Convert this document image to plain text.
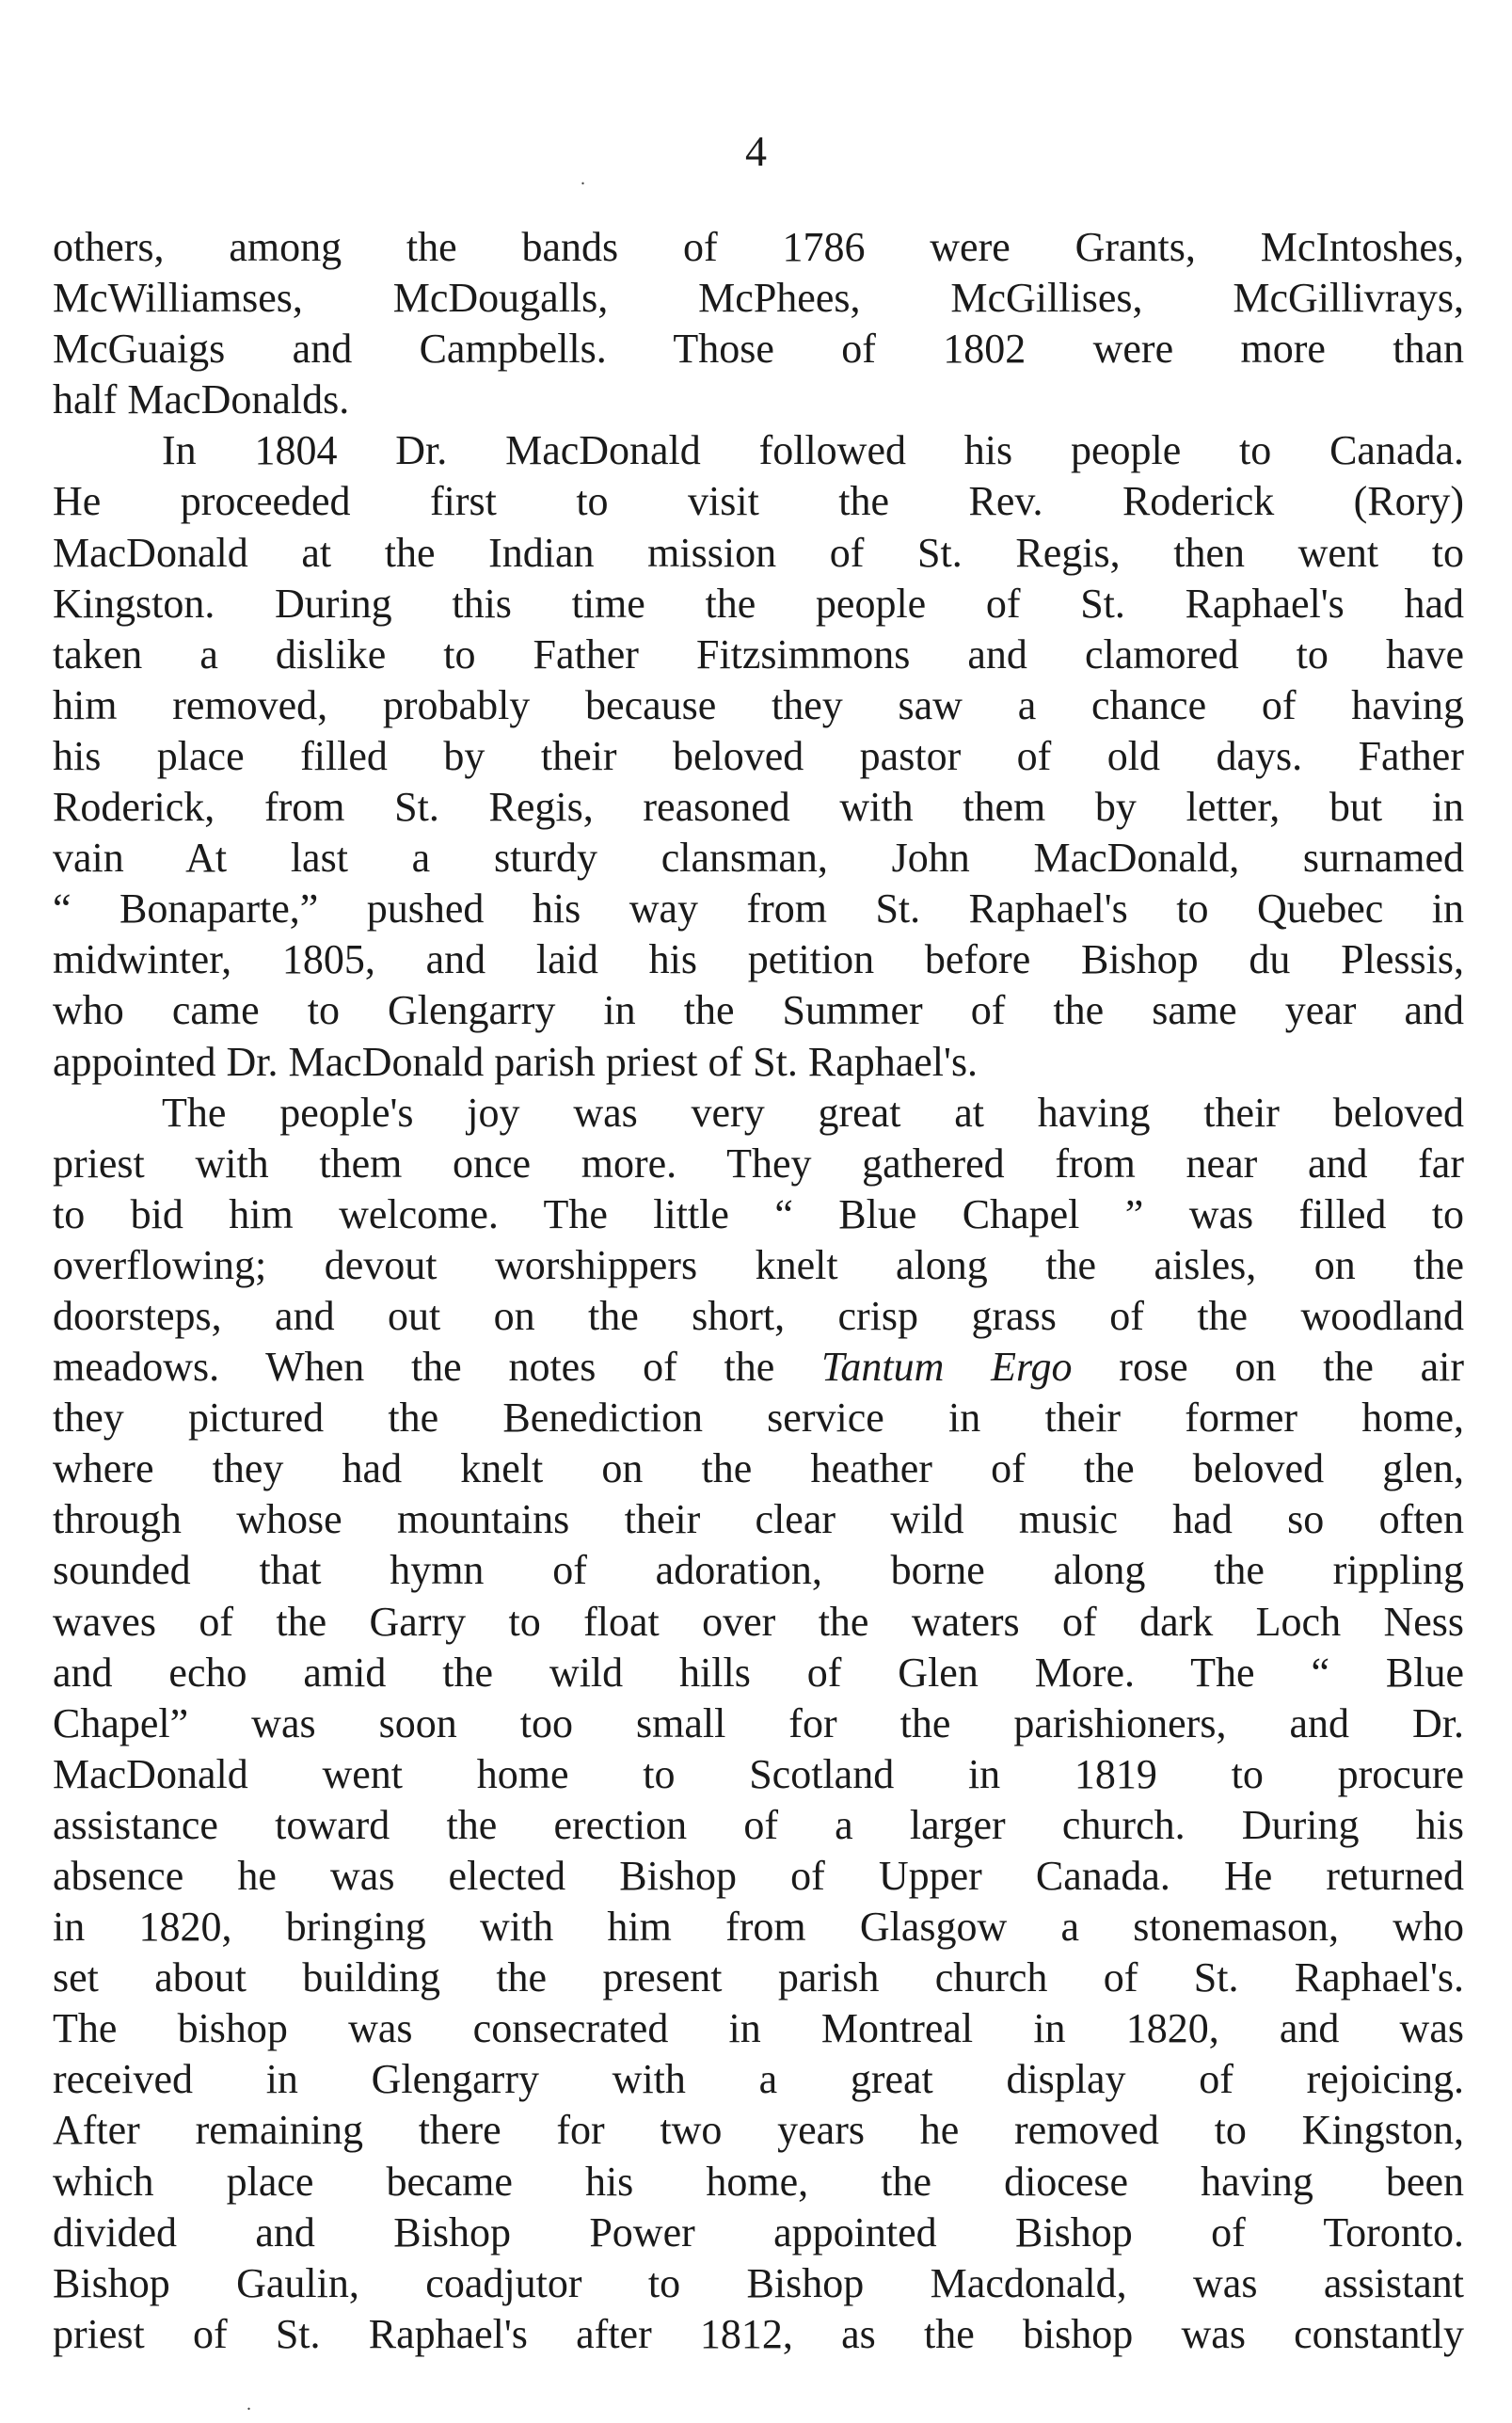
4
.
others, among the bands of 1786 were Grants, McIntoshes,
McWilliamses, McDougalls, McPhees, McGillises, McGillivrays,
McGuaigs and Campbells. Those of 1802 were more than
half MacDonalds.
In 1804 Dr. MacDonald followed his people to Canada.
He proceeded first to visit the Rev. Roderick (Rory)
MacDonald at the Indian mission of St. Regis, then went to
Kingston. During this time the people of St. Raphael's had
taken a dislike to Father Fitzsimmons and clamored to have
him removed, probably because they saw a chance of having
his place filled by their beloved pastor of old days. Father
Roderick, from St. Regis, reasoned with them by letter, but in
vain At last a sturdy clansman, John MacDonald, surnamed
“ Bonaparte,” pushed his way from St. Raphael's to Quebec in
midwinter, 1805, and laid his petition before Bishop du Plessis,
who came to Glengarry in the Summer of the same year and
appointed Dr. MacDonald parish priest of St. Raphael's.
The people's joy was very great at having their beloved
priest with them once more. They gathered from near and far
to bid him welcome. The little “ Blue Chapel ” was filled to
overflowing; devout worshippers knelt along the aisles, on the
doorsteps, and out on the short, crisp grass of the woodland
meadows. When the notes of the Tantum Ergo rose on the air
they pictured the Benediction service in their former home,
where they had knelt on the heather of the beloved glen,
through whose mountains their clear wild music had so often
sounded that hymn of adoration, borne along the rippling
waves of the Garry to float over the waters of dark Loch Ness
and echo amid the wild hills of Glen More. The “ Blue
Chapel” was soon too small for the parishioners, and Dr.
MacDonald went home to Scotland in 1819 to procure
assistance toward the erection of a larger church. During his
absence he was elected Bishop of Upper Canada. He returned
in 1820, bringing with him from Glasgow a stonemason, who
set about building the present parish church of St. Raphael's.
The bishop was consecrated in Montreal in 1820, and was
received in Glengarry with a great display of rejoicing.
After remaining there for two years he removed to Kingston,
which place became his home, the diocese having been
divided and Bishop Power appointed Bishop of Toronto.
Bishop Gaulin, coadjutor to Bishop Macdonald, was assistant
priest of St. Raphael's after 1812, as the bishop was constantly
.
